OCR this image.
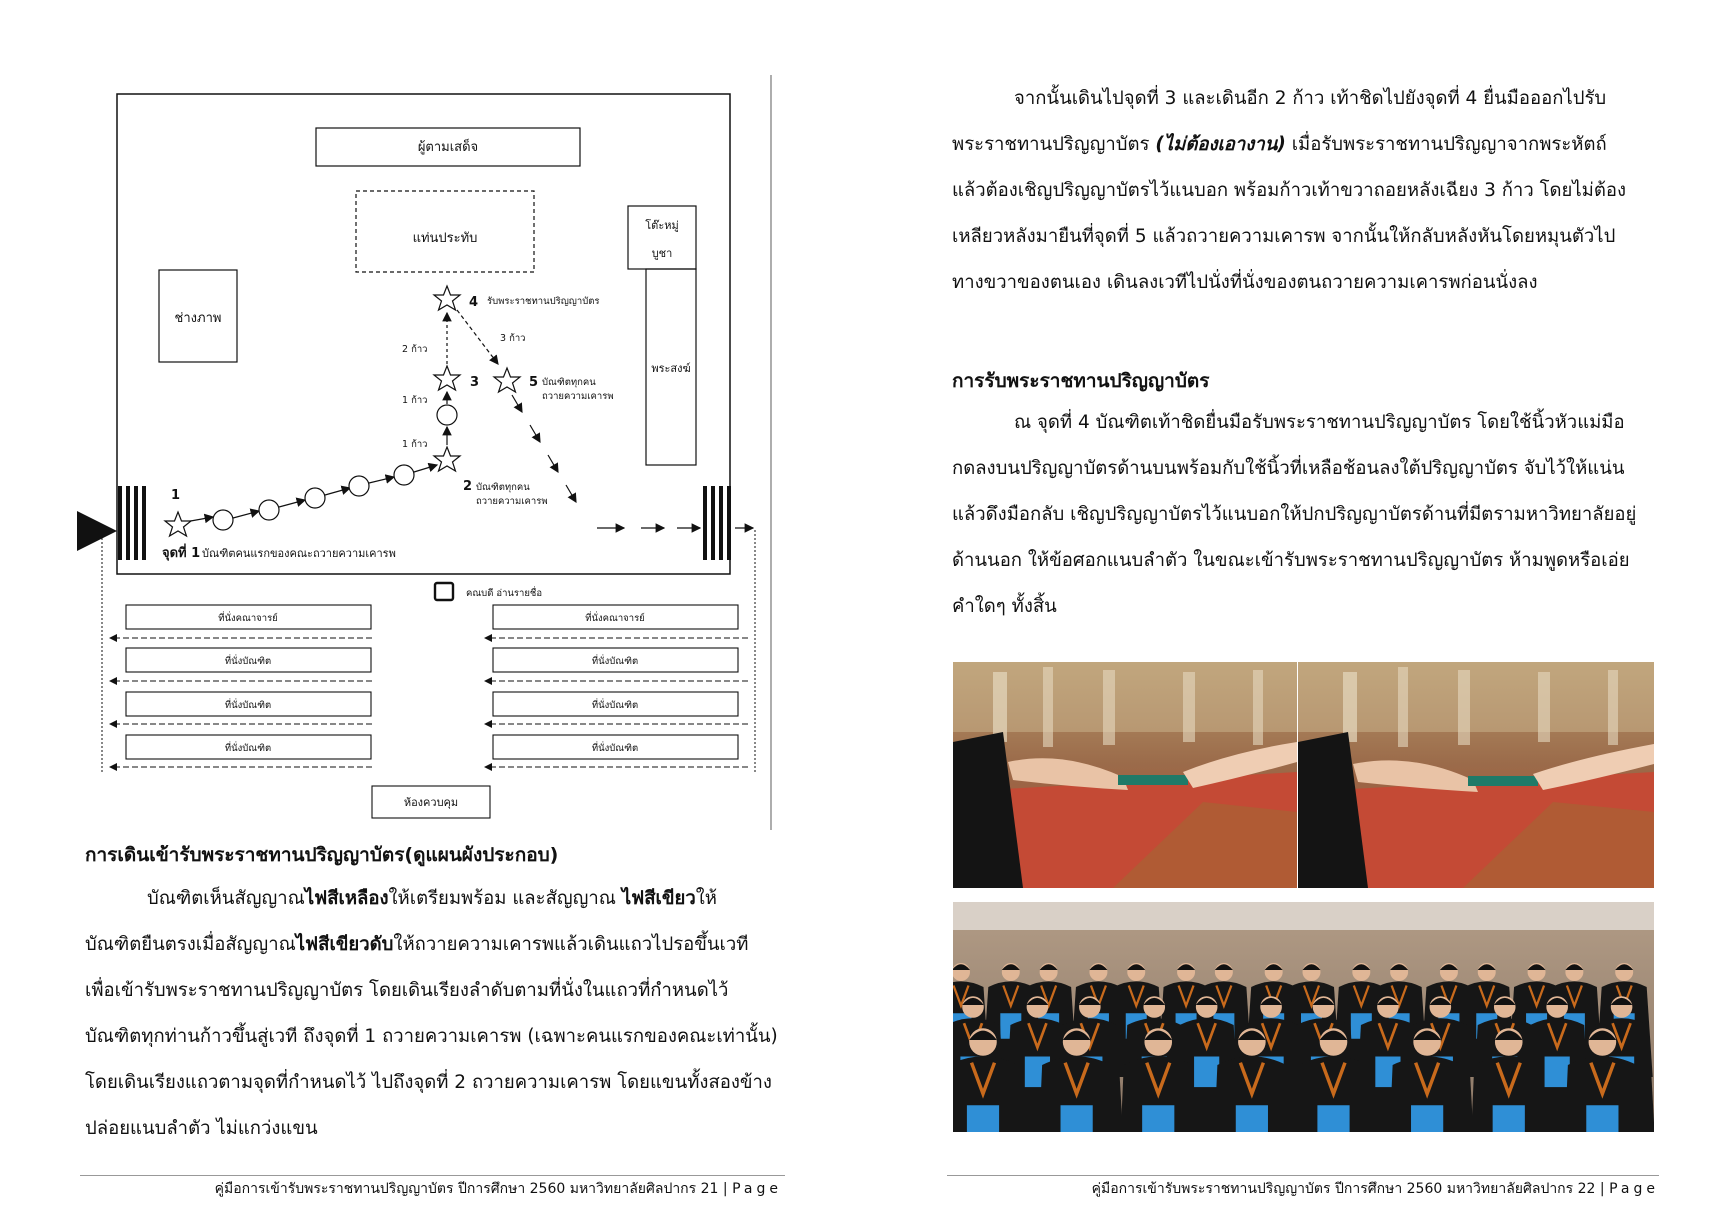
ผู้ตามเสด็จ
แท่นประทับ
โต๊ะหมู่
บูชา
พระสงฆ์
ช่างภาพ
1
จุดที่ 1 บัณฑิตคนแรกของคณะถวายความเคารพ
2 บัณฑิตทุกคน
ถวายความเคารพ
3
4 รับพระราชทานปริญญาบัตร
5 บัณฑิตทุกคน
ถวายความเคารพ
1 ก้าว
1 ก้าว
2 ก้าว
3 ก้าว
คณบดี อ่านรายชื่อ
ที่นั่งคณาจารย์
ที่นั่งบัณฑิต
ที่นั่งบัณฑิต
ที่นั่งบัณฑิต
ที่นั่งคณาจารย์
ที่นั่งบัณฑิต
ที่นั่งบัณฑิต
ที่นั่งบัณฑิต
ห้องควบคุม
การเดินเข้ารับพระราชทานปริญญาบัตร(ดูแผนผังประกอบ)

บัณฑิตเห็นสัญญาณไฟสีเหลืองให้เตรียมพร้อม และสัญญาณ ไฟสีเขียวให้

บัณฑิตยืนตรงเมื่อสัญญาณไฟสีเขียวดับให้ถวายความเคารพแล้วเดินแถวไปรอขึ้นเวที

เพื่อเข้ารับพระราชทานปริญญาบัตร โดยเดินเรียงลำดับตามที่นั่งในแถวที่กำหนดไว้

บัณฑิตทุกท่านก้าวขึ้นสู่เวที ถึงจุดที่ 1 ถวายความเคารพ (เฉพาะคนแรกของคณะเท่านั้น)

โดยเดินเรียงแถวตามจุดที่กำหนดไว้ ไปถึงจุดที่ 2 ถวายความเคารพ โดยแขนทั้งสองข้าง

ปล่อยแนบลำตัว ไม่แกว่งแขน

คู่มือการเข้ารับพระราชทานปริญญาบัตร ปีการศึกษา 2560 มหาวิทยาลัยศิลปากร 21 | Page

จากนั้นเดินไปจุดที่ 3 และเดินอีก 2 ก้าว เท้าชิดไปยังจุดที่ 4 ยื่นมือออกไปรับ

พระราชทานปริญญาบัตร (ไม่ต้องเอางาน) เมื่อรับพระราชทานปริญญาจากพระหัตถ์

แล้วต้องเชิญปริญญาบัตรไว้แนบอก พร้อมก้าวเท้าขวาถอยหลังเฉียง 3 ก้าว โดยไม่ต้อง

เหลียวหลังมายืนที่จุดที่ 5 แล้วถวายความเคารพ จากนั้นให้กลับหลังหันโดยหมุนตัวไป

ทางขวาของตนเอง เดินลงเวทีไปนั่งที่นั่งของตนถวายความเคารพก่อนนั่งลง

การรับพระราชทานปริญญาบัตร

ณ จุดที่ 4 บัณฑิตเท้าชิดยื่นมือรับพระราชทานปริญญาบัตร โดยใช้นิ้วหัวแม่มือ

กดลงบนปริญญาบัตรด้านบนพร้อมกับใช้นิ้วที่เหลือช้อนลงใต้ปริญญาบัตร จับไว้ให้แน่น

แล้วดึงมือกลับ เชิญปริญญาบัตรไว้แนบอกให้ปกปริญญาบัตรด้านที่มีตรามหาวิทยาลัยอยู่

ด้านนอก ให้ข้อศอกแนบลำตัว ในขณะเข้ารับพระราชทานปริญญาบัตร ห้ามพูดหรือเอ่ย

คำใดๆ ทั้งสิ้น

คู่มือการเข้ารับพระราชทานปริญญาบัตร ปีการศึกษา 2560 มหาวิทยาลัยศิลปากร 22 | Page
